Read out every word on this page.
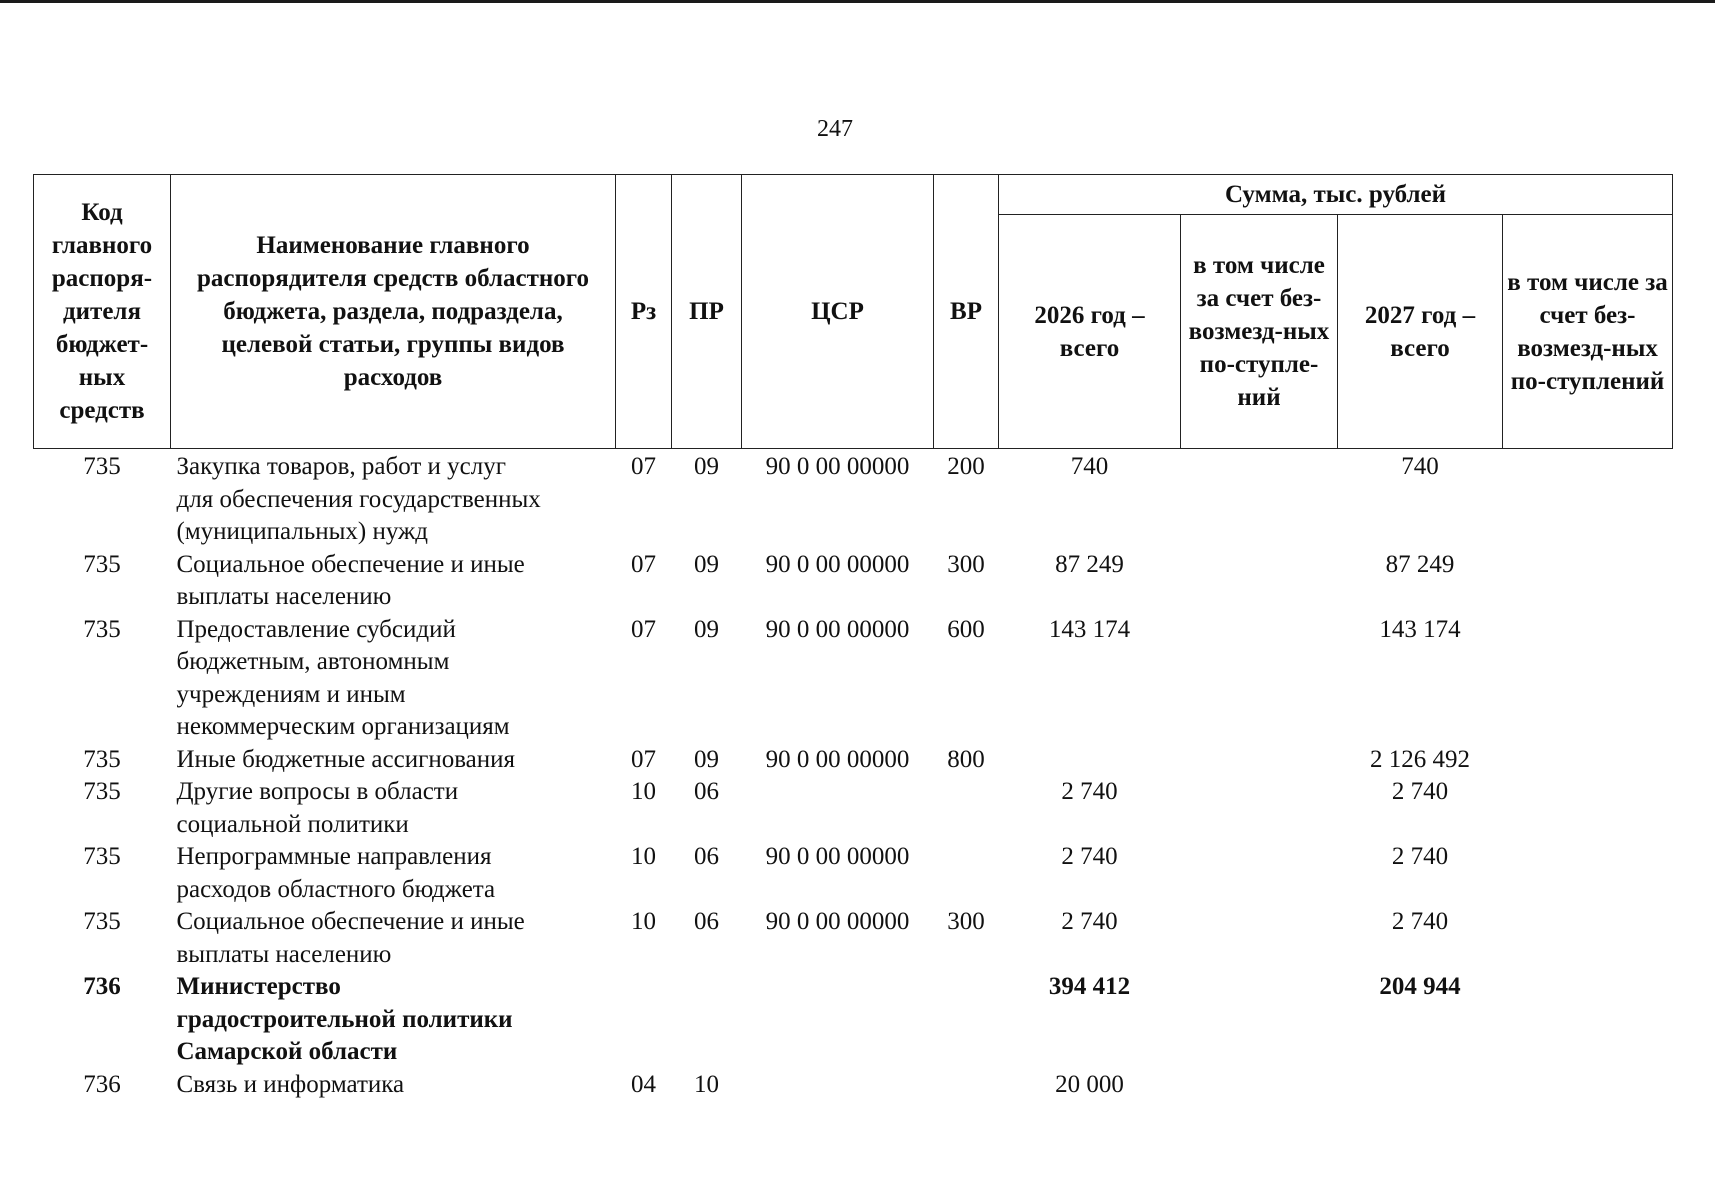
247
Код главного распоря-дителя бюджет-ных средств	Наименование главного распорядителя средств областного бюджета, раздела, подраздела, целевой статьи, группы видов расходов	Рз	ПР	ЦСР	ВР	Сумма, тыс. рублей			
						2026 год – всего	в том числе за счет без-возмезд-ных по-ступле-ний	2027 год – всего	в том числе за счет без-возмезд-ных по-ступлений
735	Закупка товаров, работ и услуг
для обеспечения государственных
(муниципальных) нужд	07	09	90 0 00 00000	200	740		740	
735	Социальное обеспечение и иные
выплаты населению	07	09	90 0 00 00000	300	87 249		87 249	
735	Предоставление субсидий
бюджетным, автономным
учреждениям и иным
некоммерческим организациям	07	09	90 0 00 00000	600	143 174		143 174	
735	Иные бюджетные ассигнования	07	09	90 0 00 00000	800			2 126 492	
735	Другие вопросы в области
социальной политики	10	06			2 740		2 740	
735	Непрограммные направления
расходов областного бюджета	10	06	90 0 00 00000		2 740		2 740	
735	Социальное обеспечение и иные
выплаты населению	10	06	90 0 00 00000	300	2 740		2 740	
736	Министерство
градостроительной политики
Самарской области					394 412		204 944	
736	Связь и информатика	04	10			20 000			
